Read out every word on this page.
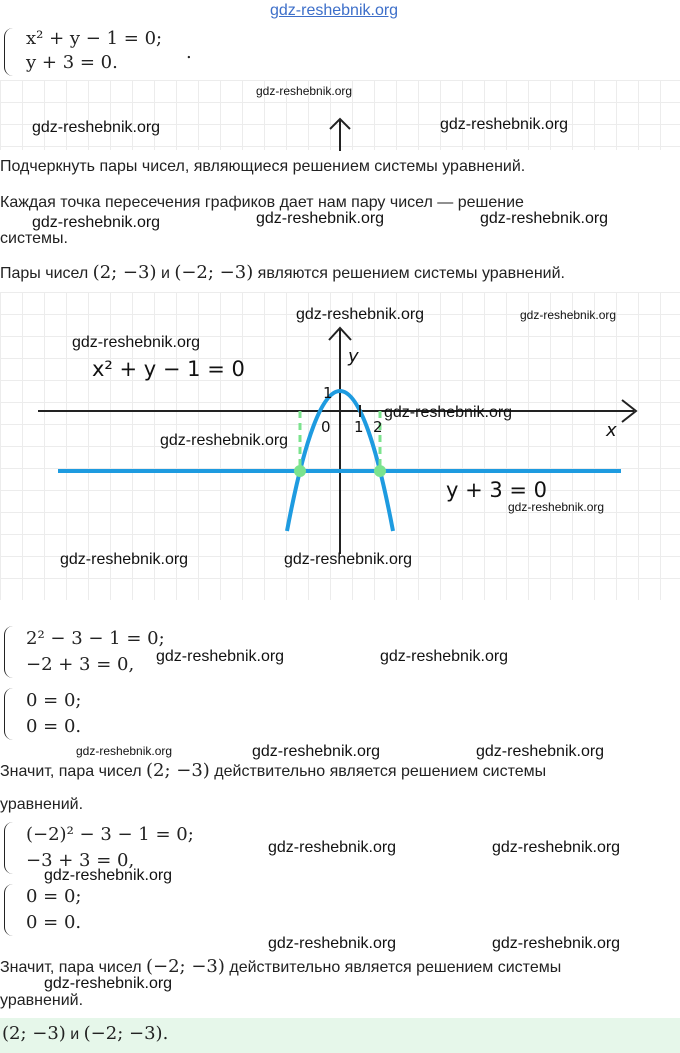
gdz-reshebnik.org
x² + y − 1 = 0;
y + 3 = 0.	.
gdz-reshebnik.org
gdz-reshebnik.org	gdz-reshebnik.org
Подчеркнуть пары чисел, являющиеся решением системы уравнений.
Каждая точка пересечения графиков дает нам пару чисел — решение
системы.
gdz-reshebnik.org	gdz-reshebnik.org	gdz-reshebnik.org
Пары чисел (2; −3) и (−2; −3) являются решением системы уравнений.
gdz-reshebnik.org	gdz-reshebnik.org
gdz-reshebnik.org
x² + y − 1 = 0
y
1
gdz-reshebnik.org
0 1 2	x
gdz-reshebnik.org
y + 3 = 0
gdz-reshebnik.org
gdz-reshebnik.org	gdz-reshebnik.org
2² − 3 − 1 = 0;
−2 + 3 = 0, gdz-reshebnik.org	gdz-reshebnik.org
0 = 0;
0 = 0.
gdz-reshebnik.org	gdz-reshebnik.org	gdz-reshebnik.org
Значит, пара чисел (2; −3) действительно является решением системы
уравнений.
(−2)² − 3 − 1 = 0;
−3 + 3 = 0,
gdz-reshebnik.org	gdz-reshebnik.org
gdz-reshebnik.org
0 = 0;
0 = 0.
gdz-reshebnik.org	gdz-reshebnik.org
Значит, пара чисел (−2; −3) действительно является решением системы
gdz-reshebnik.org
уравнений.
(2; −3) и (−2; −3).
